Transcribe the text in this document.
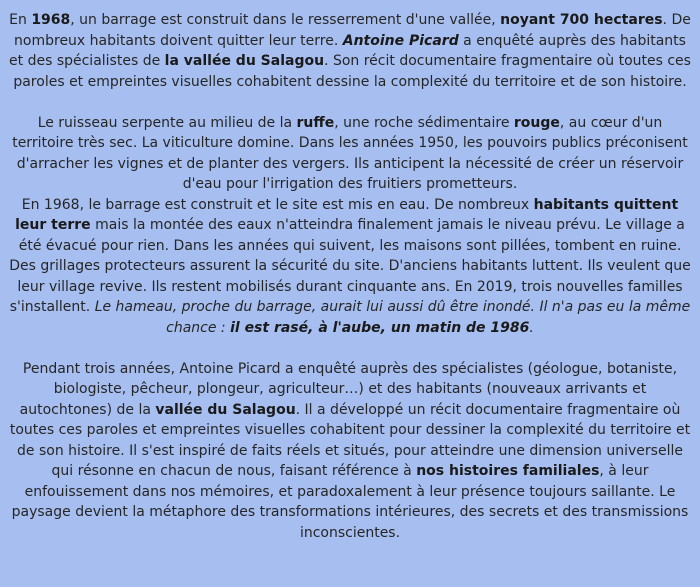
En 1968, un barrage est construit dans le resserrement d'une vallée, noyant 700 hectares. De nombreux habitants doivent quitter leur terre. Antoine Picard a enquêté auprès des habitants et des spécialistes de la vallée du Salagou. Son récit documentaire fragmentaire où toutes ces paroles et empreintes visuelles cohabitent dessine la complexité du territoire et de son histoire.

Le ruisseau serpente au milieu de la ruffe, une roche sédimentaire rouge, au cœur d'un territoire très sec. La viticulture domine. Dans les années 1950, les pouvoirs publics préconisent d'arracher les vignes et de planter des vergers. Ils anticipent la nécessité de créer un réservoir d'eau pour l'irrigation des fruitiers prometteurs.

En 1968, le barrage est construit et le site est mis en eau. De nombreux habitants quittent leur terre mais la montée des eaux n'atteindra finalement jamais le niveau prévu. Le village a été évacué pour rien. Dans les années qui suivent, les maisons sont pillées, tombent en ruine. Des grillages protecteurs assurent la sécurité du site. D'anciens habitants luttent. Ils veulent que leur village revive. Ils restent mobilisés durant cinquante ans. En 2019, trois nouvelles familles s'installent. Le hameau, proche du barrage, aurait lui aussi dû être inondé. Il n'a pas eu la même chance : il est rasé, à l'aube, un matin de 1986.

Pendant trois années, Antoine Picard a enquêté auprès des spécialistes (géologue, botaniste, biologiste, pêcheur, plongeur, agriculteur…) et des habitants (nouveaux arrivants et autochtones) de la vallée du Salagou. Il a développé un récit documentaire fragmentaire où toutes ces paroles et empreintes visuelles cohabitent pour dessiner la complexité du territoire et de son histoire. Il s'est inspiré de faits réels et situés, pour atteindre une dimension universelle qui résonne en chacun de nous, faisant référence à nos histoires familiales, à leur enfouissement dans nos mémoires, et paradoxalement à leur présence toujours saillante. Le paysage devient la métaphore des transformations intérieures, des secrets et des transmissions inconscientes.
